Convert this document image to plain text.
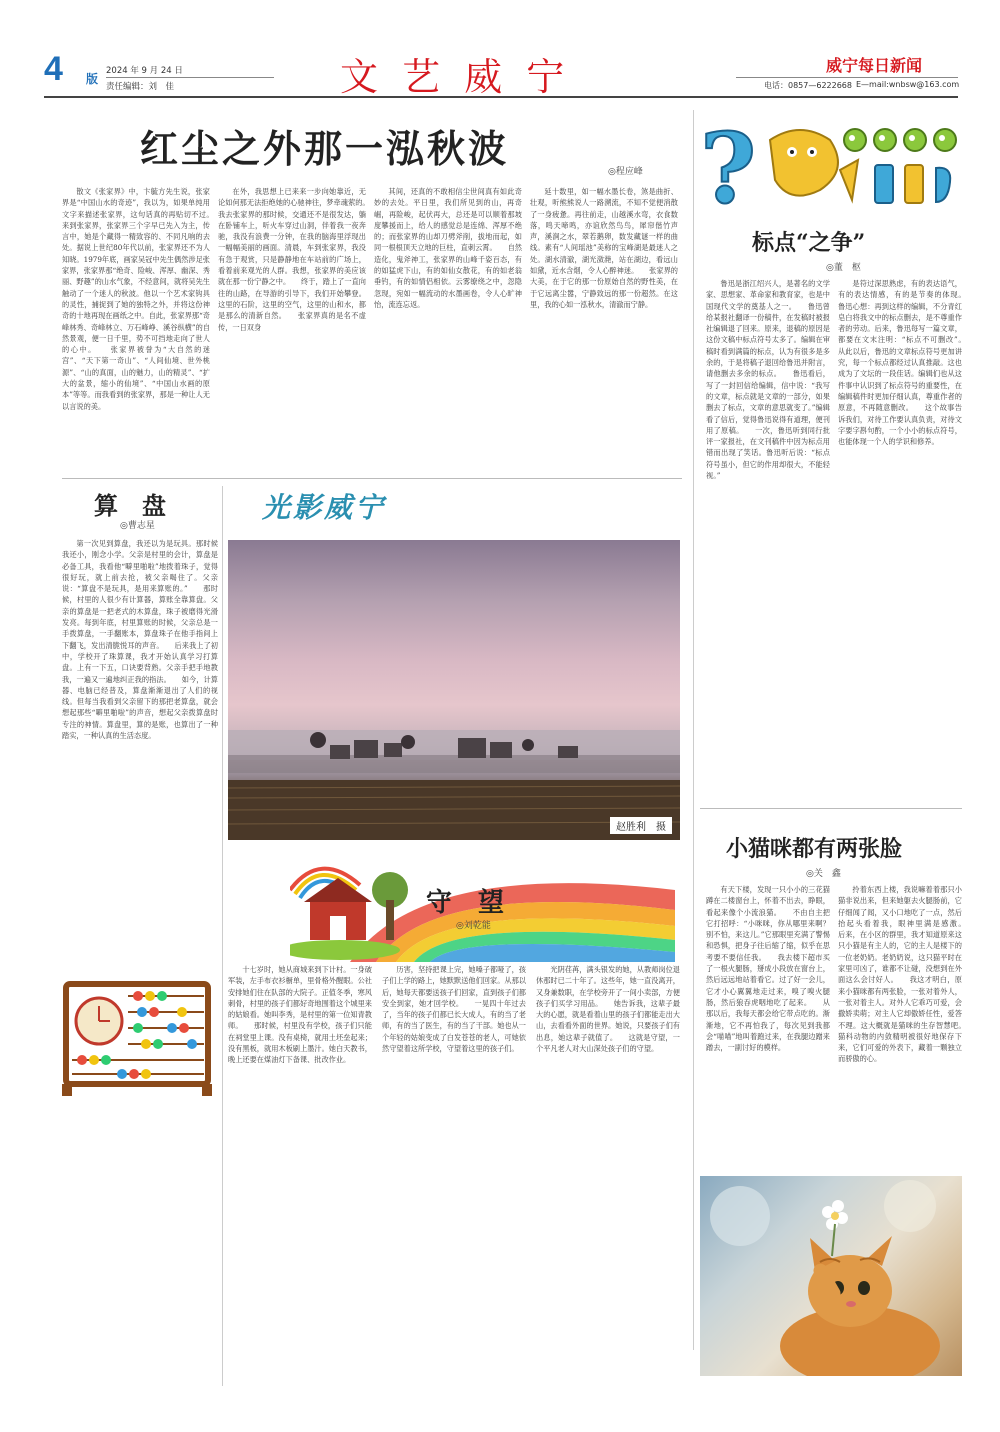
4	版
2024 年 9 月 24 日
责任编辑：刘　佳	文 艺 威 宁	威宁每日新闻
电话：0857—6222668 E—mail:wnbsw@163.com
红尘之外那一泓秋波
◎程应峰

散文《张家界》中，卞毓方先生说，张家界是“中国山水的奇迹”，我以为，如果单纯用文字来描述张家界，这句话真的再贴切不过。　　来到张家界，张家界三个字早已先入为主，传言中，她是个藏得一精致容的、不同凡响的去处。据说上世纪80年代以前，张家界还不为人知晓。1979年底，画家吴冠中先生偶然涉足张家界，张家界那“绝奇、险峻、浑厚、幽深、秀丽、野趣”的山水气象，不经意间，就将吴先生触动了一个迷人的秋波。他以一个艺术家钩具的灵性，捕捉到了她的独特之外，并将这份神奇的十地再现在画纸之中。自此，张家界那“奇峰林秀、奇峰林立、万石峰峥、溪谷纵横”的自然景观，便一日千里，势不可挡地走向了世人的心中。　　张家界被誉为“大自然的迷宫”、“天下第一奇山”、“人间仙境、世外桃源”、“山的真面，山的魅力，山的精灵”、“扩大的盆景，缩小的仙境”、“中国山水画的原本”等等。而我看到的张家界，那是一种让人无以言说的美。

在外，我思想上已来来一步向她靠近，无论如何那无法拒绝她的心驰神往，梦牵魂萦的。　　我去张家界的那时候，交通还不是很发达，躺在卧铺车上，听火车穿过山洞，伴着我一夜奔驰，我没有浪费一分钟，在我的脑海里浮现出一幅幅美丽的画面。清晨，车到张家界，我没有急于观赏，只是静静地在车站前的广场上，看着前来观光的人群。我想，张家界的美应该就在那一份宁静之中。　　终于，踏上了一直向往的山路，在导游的引导下，我们开始攀登。这里的石阶，这里的空气，这里的山和水，都是那么的清新自然。　　张家界真的是名不虚传，一日双身

其间，还真的不敢相信尘世间真有如此奇妙的去处。平日里，我们所见到的山，再奇崛，再险峻，起伏再大，总还是可以顺着那坡度攀援而上，给人的感觉总是连绵、浑厚不绝的；而张家界的山却刀劈斧削，拔地而起，如同一根根顶天立地的巨柱，直刺云霄。　　自然造化，鬼斧神工，张家界的山峰千姿百态，有的如猛虎下山，有的如仙女散花，有的如老翁垂钓，有的如情侣相依。云雾缭绕之中，忽隐忽现，宛如一幅流动的水墨画卷，令人心旷神怡，流连忘返。

延十数里，如一幅水墨长卷，煞是曲折、壮观，听熊熊说人一路溯流，不知不觉便消散了一身疲惫。再往前走，山越溪水弯，衣食数落，鸣天啼鸣，亦谊欣然鸟鸟，犀帘偕竹声声，溪涧之水，翠若鹅卵，数发藏谜一样的曲线。素有“人间瑶池”美称的宝峰湖是最迷人之处。湖水清澈，湖光潋滟，站在湖边，看远山如黛，近水含烟，令人心醉神迷。　　张家界的大美，在于它的那一份原始自然的野性美，在于它远离尘嚣，宁静致远的那一份超然。在这里，我的心如一泓秋水，清澈而宁静。

?
标点“之争”
◎董　枢

鲁迅是浙江绍兴人，是著名的文学家、思想家、革命家和教育家，也是中国现代文学的奠基人之一。　　鲁迅曾给某报社翻译一份稿件，在发稿时被报社编辑退了回来。原来，退稿的原因是这份文稿中标点符号太多了。编辑在审稿时看到满篇的标点，认为有很多是多余的，于是将稿子退回给鲁迅并附言，请他删去多余的标点。　　鲁迅看后，写了一封回信给编辑，信中说：“我写的文章，标点就是文章的一部分，如果删去了标点，文章的意思就变了。”编辑看了信后，觉得鲁迅说得有道理，便刊用了原稿。　　一次，鲁迅听到同行批评一家报社，在文刊稿件中因为标点用错而出现了笑话。鲁迅听后说：“标点符号虽小，但它的作用却很大，不能轻视。”

是符过深思熟虑，有的表达语气，有的表达情感，有的是节奏的体现。　　鲁迅心想：再到这样的编辑，不分青红皂白将我文中的标点删去，是不尊重作者的劳动。后来，鲁迅每写一篇文章，都要在文末注明：“标点不可删改”。　　从此以后，鲁迅的文章标点符号更加讲究，每一个标点都经过认真推敲。这也成为了文坛的一段佳话。编辑们也从这件事中认识到了标点符号的重要性，在编辑稿件时更加仔细认真，尊重作者的原意，不再随意删改。　　这个故事告诉我们，对待工作要认真负责，对待文字要字斟句酌，一个小小的标点符号，也能体现一个人的学识和修养。

算　盘
◎曹志星

第一次见到算盘，我还以为是玩具。那时候我还小，刚念小学。父亲是村里的会计，算盘是必备工具，我看他“噼里啪啦”地拨着珠子，觉得很好玩，就上前去抢，被父亲喝住了。父亲说：“算盘不是玩具，是用来算账的。”　　那时候，村里的人很少有计算器，算账全靠算盘。父亲的算盘是一把老式的木算盘，珠子被磨得光滑发亮。每到年底，村里算账的时候，父亲总是一手拨算盘，一手翻账本，算盘珠子在他手指间上下翻飞，发出清脆悦耳的声音。　　后来我上了初中，学校开了珠算课，我才开始认真学习打算盘。上有一下五，口诀要背熟。父亲手把手地教我，一遍又一遍地纠正我的指法。　　如今，计算器、电脑已经普及，算盘渐渐退出了人们的视线。但每当我看到父亲留下的那把老算盘，就会想起那些“噼里啪啦”的声音，想起父亲拨算盘时专注的神情。算盘里，算的是账，也算出了一种踏实，一种认真的生活态度。

光影威宁
赵胜利　摄
守　望
◎刘乾能

十七岁时，她从商城来到下计村。一身破军装，左手布衣衫橱单，里骨格外醒眼。公社安排她们住在队部的大院子。正值冬季，寒风刺骨，村里的孩子们都好奇地围着这个城里来的姑娘看。她叫李秀，是村里的第一位知青教师。　　那时候，村里没有学校，孩子们只能在祠堂里上课。没有桌椅，就用土坯垒起来；没有黑板，就用木板刷上墨汁。她白天教书，晚上还要在煤油灯下备课、批改作业。

历害，坚持把课上完，她嗓子都哑了，孩子们上学的路上，她默默送他们回家。从那以后，她每天都要送孩子们回家，直到孩子们都安全到家，她才回学校。　　一晃四十年过去了，当年的孩子们都已长大成人，有的当了老师，有的当了医生，有的当了干部。她也从一个年轻的姑娘变成了白发苍苍的老人，可她依然守望着这所学校，守望着这里的孩子们。

光阴荏苒，满头银发的她，从教师岗位退休那时已二十年了。这些年，她一直没离开，又身兼数职，在学校旁开了一间小卖部，方便孩子们买学习用品。　　她告诉我，这辈子最大的心愿，就是看着山里的孩子们都能走出大山，去看看外面的世界。她说，只要孩子们有出息，她这辈子就值了。　　这就是守望，一个平凡老人对大山深处孩子们的守望。

小猫咪都有两张脸
◎关　鑫

有天下楼，发现一只小小的三花猫蹲在二楼窗台上，怀着不出去，睁眼，看起来像个小流浪猫。　　不由自主把它打招呼：“小咪咪，你从哪里来啊？别不怕，来这儿。”它那眼里充满了警惕和恐惧，把身子往后缩了缩，似乎在思考要不要信任我。　　我去楼下超市买了一根火腿肠，掰成小段放在窗台上，然后远远地站着看它。过了好一会儿，它才小心翼翼地走过来，嗅了嗅火腿肠，然后狼吞虎咽地吃了起来。　　从那以后，我每天都会给它带点吃的。渐渐地，它不再怕我了，每次见到我都会“喵喵”地叫着跑过来，在我腿边蹭来蹭去，一副讨好的模样。

拎着东西上楼，我说嘛着着那只小猫非说出来，但来她躯去火腿肠前，它仔细闻了闻，又小口地吃了一点，然后抬起头看着我，眼神里满是感激。　　后来，在小区的群里，我才知道原来这只小猫是有主人的，它的主人是楼下的一位老奶奶。老奶奶说，这只猫平时在家里可凶了，谁都不让碰，没想到在外面这么会讨好人。　　我这才明白，原来小猫咪都有两张脸，一张对着外人，一张对着主人。对外人它乖巧可爱，会撒娇卖萌；对主人它却傲娇任性，爱答不理。这大概就是猫咪的生存智慧吧。　　猫科动物的内敛精明被很好地保存下来，它们可爱的外表下，藏着一颗独立而骄傲的心。
